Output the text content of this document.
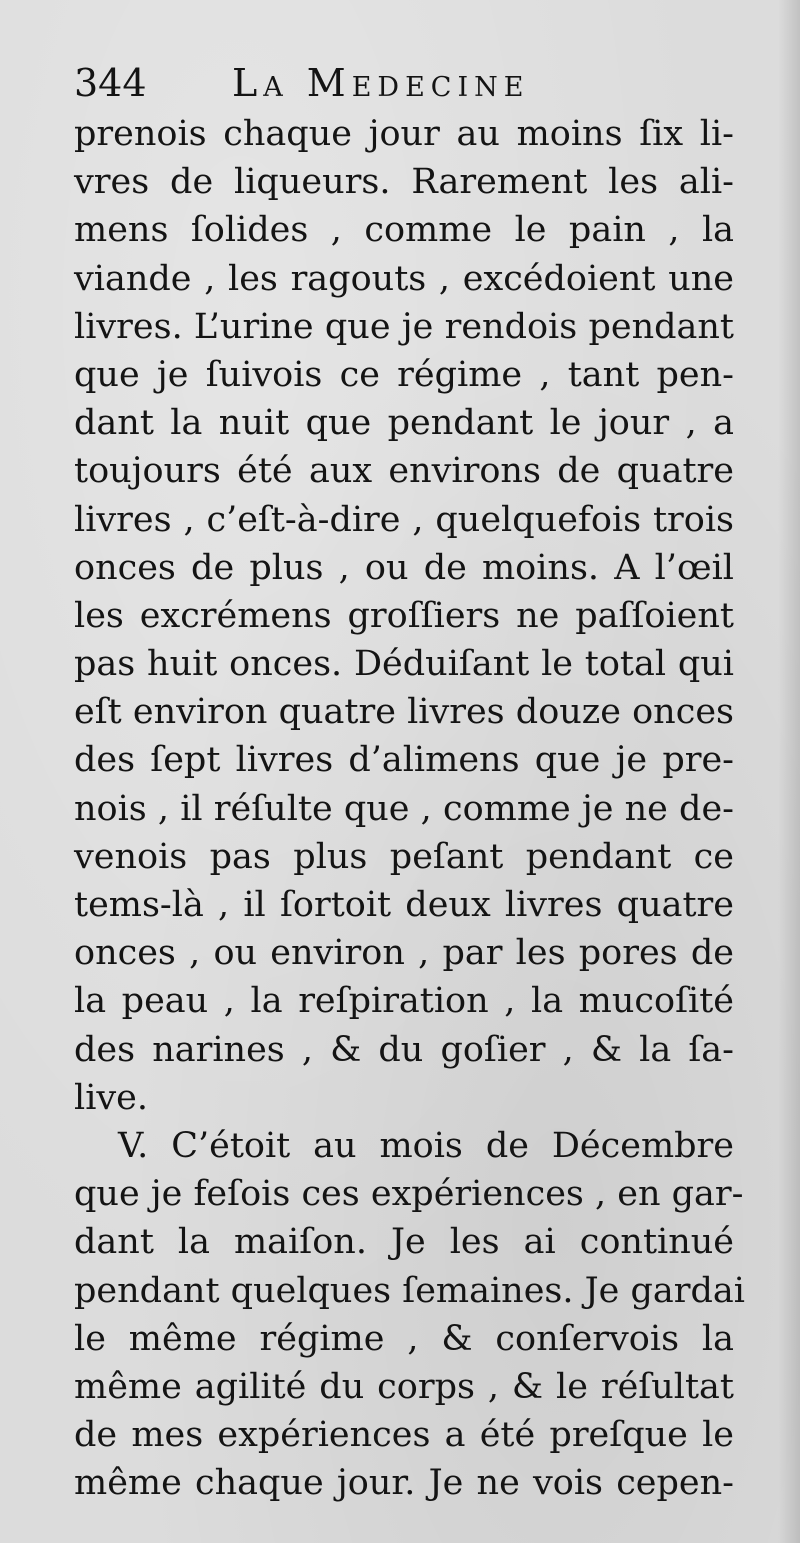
344 La Medecine
prenois chaque jour au moins ſix li-
vres de liqueurs. Rarement les ali-
mens ſolides , comme le pain , la
viande , les ragouts , excédoient une
livres. L’urine que je rendois pendant
que je ſuivois ce régime , tant pen-
dant la nuit que pendant le jour , a
toujours été aux environs de quatre
livres , c’eſt-à-dire , quelquefois trois
onces de plus , ou de moins. A l’œil
les excrémens groſſiers ne paſſoient
pas huit onces. Déduiſant le total qui
eſt environ quatre livres douze onces
des ſept livres d’alimens que je pre-
nois , il réſulte que , comme je ne de-
venois pas plus peſant pendant ce
tems-là , il ſortoit deux livres quatre
onces , ou environ , par les pores de
la peau , la reſpiration , la mucoſité
des narines , & du goſier , & la ſa-
live.
V. C’étoit au mois de Décembre
que je feſois ces expériences , en gar-
dant la maiſon. Je les ai continué
pendant quelques ſemaines. Je gardai
le même régime , & conſervois la
même agilité du corps , & le réſultat
de mes expériences a été preſque le
même chaque jour. Je ne vois cepen-
